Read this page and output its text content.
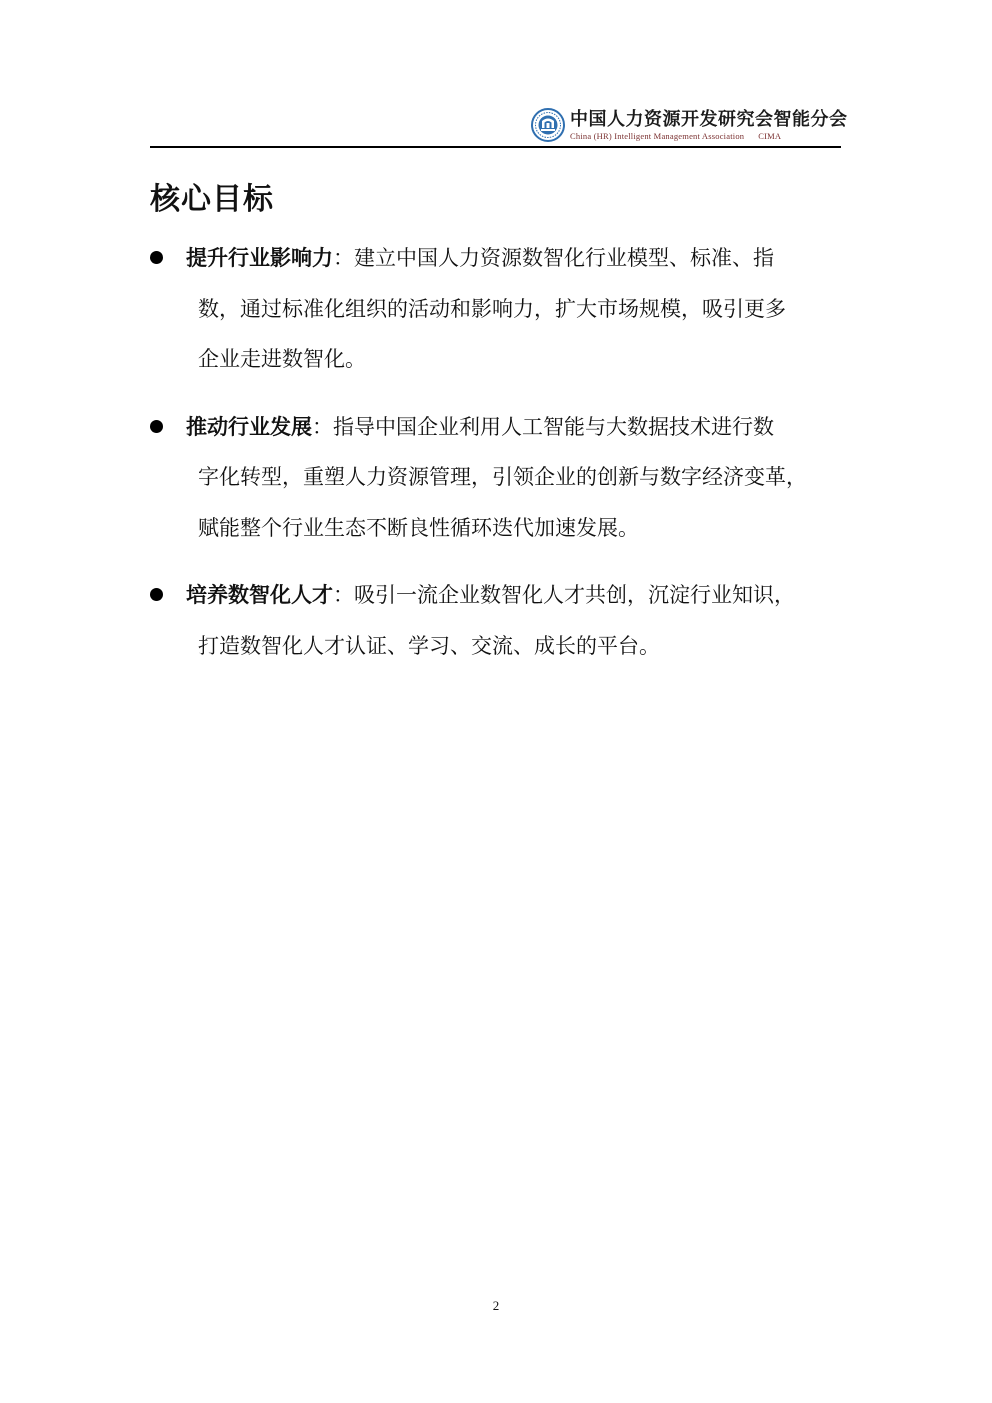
中国人力资源开发研究会智能分会
China (HR) Intelligent Management Association CIMA
核心目标
提升行业影响力：建立中国人力资源数智化行业模型、标准、指
数，通过标准化组织的活动和影响力，扩大市场规模，吸引更多
企业走进数智化。
推动行业发展：指导中国企业利用人工智能与大数据技术进行数
字化转型，重塑人力资源管理，引领企业的创新与数字经济变革，
赋能整个行业生态不断良性循环迭代加速发展。
培养数智化人才：吸引一流企业数智化人才共创，沉淀行业知识，
打造数智化人才认证、学习、交流、成长的平台。
2
